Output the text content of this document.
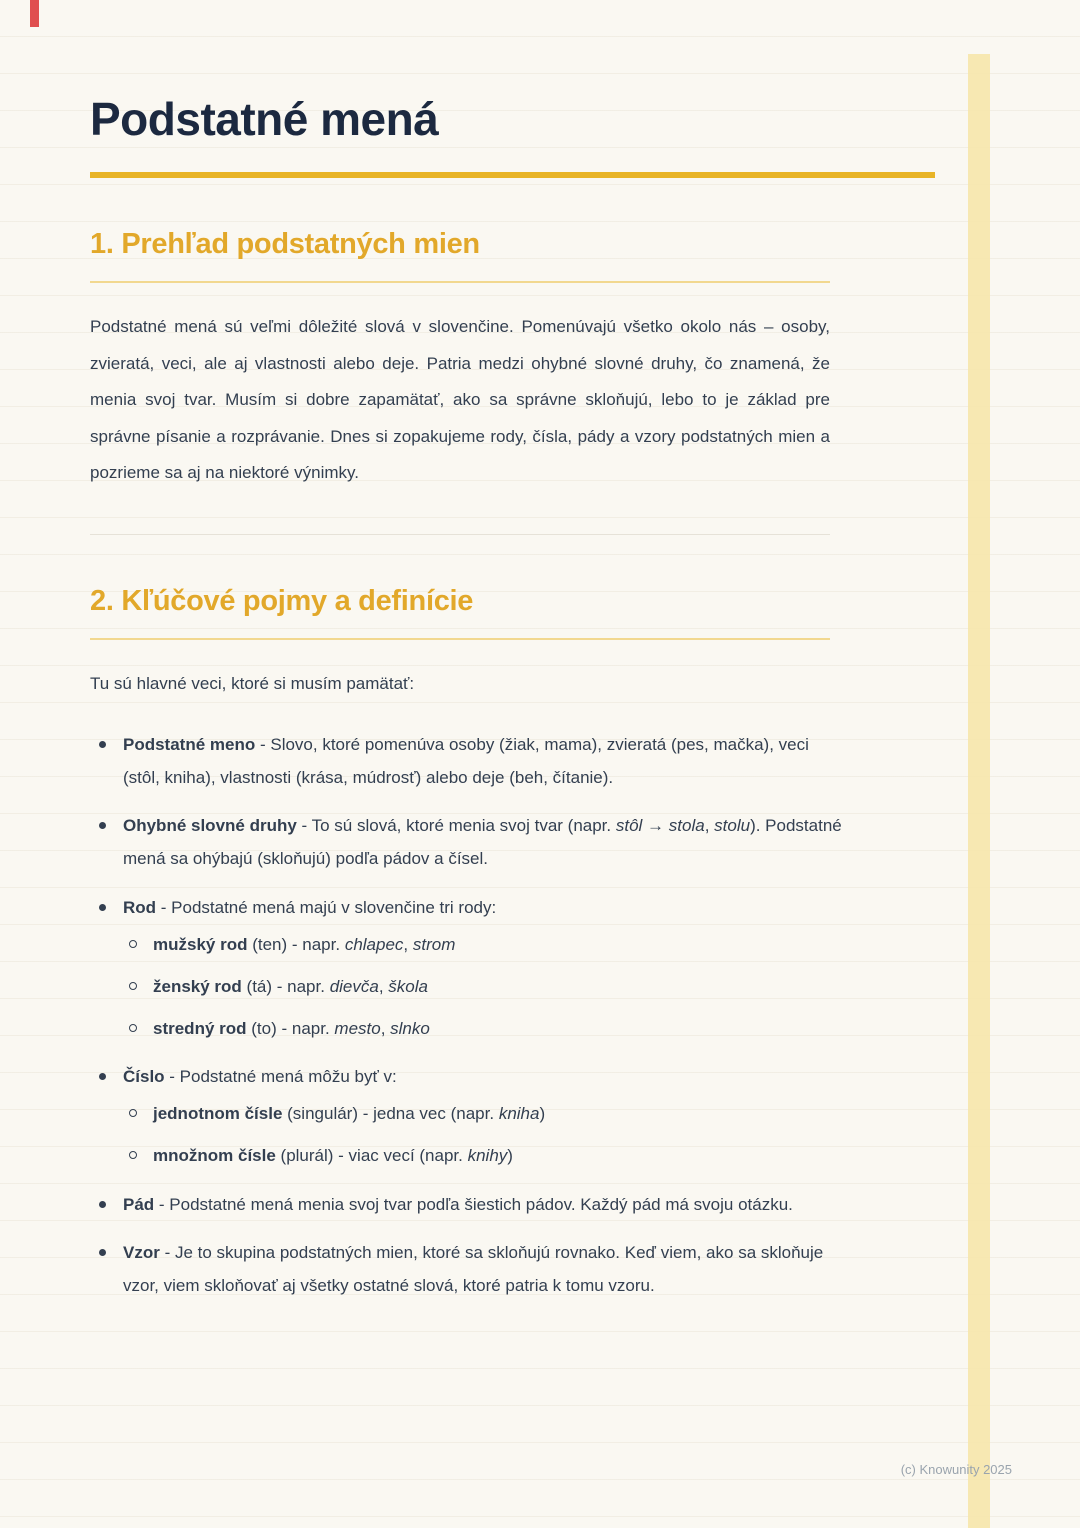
Podstatné mená
1. Prehľad podstatných mien

Podstatné mená sú veľmi dôležité slová v slovenčine. Pomenúvajú všetko okolo nás – osoby, zvieratá, veci, ale aj vlastnosti alebo deje. Patria medzi ohybné slovné druhy, čo znamená, že menia svoj tvar. Musím si dobre zapamätať, ako sa správne skloňujú, lebo to je základ pre správne písanie a rozprávanie. Dnes si zopakujeme rody, čísla, pády a vzory podstatných mien a pozrieme sa aj na niektoré výnimky.

2. Kľúčové pojmy a definície

Tu sú hlavné veci, ktoré si musím pamätať:

Podstatné meno - Slovo, ktoré pomenúva osoby (žiak, mama), zvieratá (pes, mačka), veci (stôl, kniha), vlastnosti (krása, múdrosť) alebo deje (beh, čítanie).
Ohybné slovné druhy - To sú slová, ktoré menia svoj tvar (napr. stôl → stola, stolu). Podstatné mená sa ohýbajú (skloňujú) podľa pádov a čísel.
Rod - Podstatné mená majú v slovenčine tri rody:
mužský rod (ten) - napr. chlapec, strom
ženský rod (tá) - napr. dievča, škola
stredný rod (to) - napr. mesto, slnko
Číslo - Podstatné mená môžu byť v:
jednotnom čísle (singulár) - jedna vec (napr. kniha)
množnom čísle (plurál) - viac vecí (napr. knihy)
Pád - Podstatné mená menia svoj tvar podľa šiestich pádov. Každý pád má svoju otázku.
Vzor - Je to skupina podstatných mien, ktoré sa skloňujú rovnako. Keď viem, ako sa skloňuje vzor, viem skloňovať aj všetky ostatné slová, ktoré patria k tomu vzoru.
(c) Knowunity 2025
